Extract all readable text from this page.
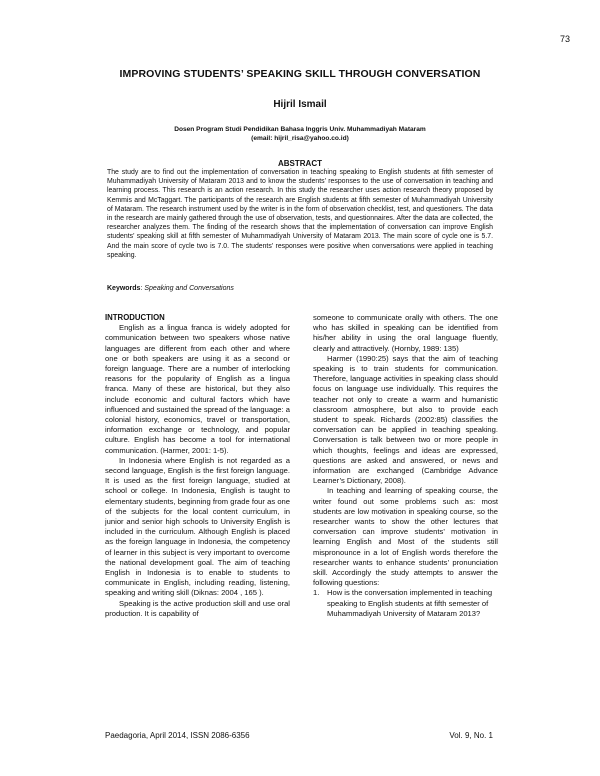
73
IMPROVING STUDENTS’ SPEAKING SKILL THROUGH CONVERSATION
Hijril Ismail
Dosen Program Studi Pendidikan Bahasa Inggris Univ. Muhammadiyah Mataram
(email: hijril_risa@yahoo.co.id)
ABSTRACT
The study are to find out the implementation of conversation in teaching speaking to English students at fifth semester of Muhammadiyah University of Mataram 2013 and to know the students’ responses to the use of conversation in teaching and learning process. This research is an action research. In this study the researcher uses action research theory proposed by Kemmis and McTaggart. The participants of the research are English students at fifth semester of Muhammadiyah University of Mataram. The research instrument used by the writer is in the form of observation checklist, test, and questioners. The data in the research are mainly gathered through the use of observation, tests, and questionnaires. After the data are collected, the researcher analyzes them. The finding of the research shows that the implementation of conversation can improve English students’ speaking skill at fifth semester of Muhammadiyah University of Mataram 2013. The main score of cycle one is 5.7. And the main score of cycle two is 7.0. The students’ responses were positive when conversations were applied in teaching speaking.
Keywords: Speaking and Conversations
INTRODUCTION

English as a lingua franca is widely adopted for communication between two speakers whose native languages are different from each other and where one or both speakers are using it as a second or foreign language. There are a number of interlocking reasons for the popularity of English as a lingua franca. Many of these are historical, but they also include economic and cultural factors which have influenced and sustained the spread of the language: a colonial history, economics, travel or transportation, information exchange or technology, and popular culture. English has become a tool for international communication. (Harmer, 2001: 1-5).

In Indonesia where English is not regarded as a second language, English is the first foreign language. It is used as the first foreign language, studied at school or college. In Indonesia, English is taught to elementary students, beginning from grade four as one of the subjects for the local content curriculum, in junior and senior high schools to University English is included in the curriculum. Although English is placed as the foreign language in Indonesia, the competency of learner in this subject is very important to overcome the national development goal. The aim of teaching English in Indonesia is to enable to students to communicate in English, including reading, listening, speaking and writing skill (Diknas: 2004 , 165 ).

Speaking is the active production skill and use oral production. It is capability of

someone to communicate orally with others. The one who has skilled in speaking can be identified from his/her ability in using the oral language fluently, clearly and attractively. (Hornby, 1989: 135)

Harmer (1990:25) says that the aim of teaching speaking is to train students for communication. Therefore, language activities in speaking class should focus on language use individually. This requires the teacher not only to create a warm and humanistic classroom atmosphere, but also to provide each student to speak. Richards (2002:85) classifies the conversation can be applied in teaching speaking. Conversation is talk between two or more people in which thoughts, feelings and ideas are expressed, questions are asked and answered, or news and information are exchanged (Cambridge Advance Learner’s Dictionary, 2008).

In teaching and learning of speaking course, the writer found out some problems such as: most students are low motivation in speaking course, so the researcher wants to show the other lectures that conversation can improve students’ motivation in learning English and Most of the students still mispronounce in a lot of English words therefore the researcher wants to enhance students’ pronunciation skill. Accordingly the study attempts to answer the following questions:

1. How is the conversation implemented in teaching speaking to English students at fifth semester of Muhammadiyah University of Mataram 2013?
Paedagoria, April 2014, ISSN 2086-6356	Vol. 9, No. 1
